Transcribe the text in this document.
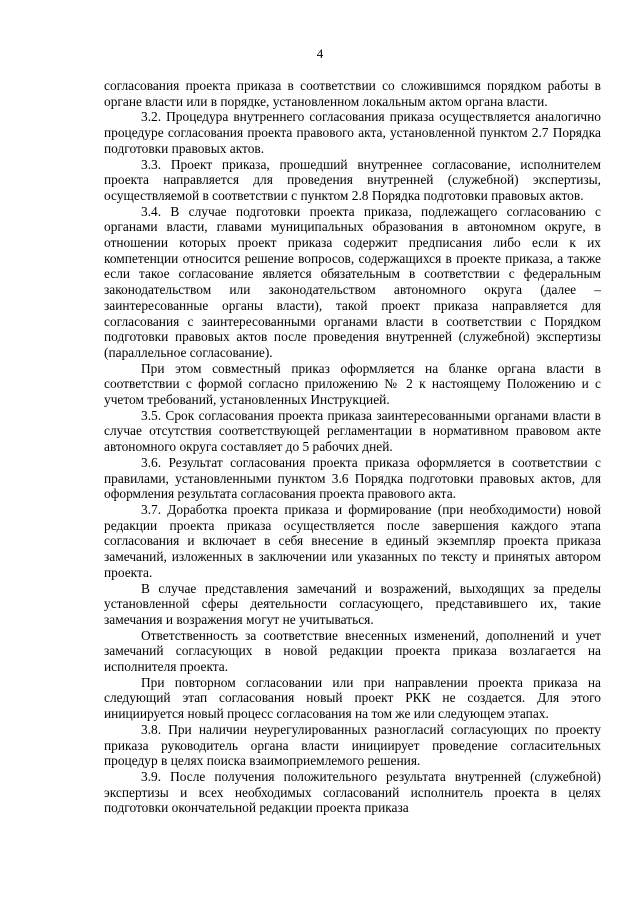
4

согласования проекта приказа в соответствии со сложившимся порядком работы в органе власти или в порядке, установленном локальным актом органа власти.

3.2. Процедура внутреннего согласования приказа осуществляется аналогично процедуре согласования проекта правового акта, установленной пунктом 2.7 Порядка подготовки правовых актов.

3.3. Проект приказа, прошедший внутреннее согласование, исполнителем проекта направляется для проведения внутренней (служебной) экспертизы, осуществляемой в соответствии с пунктом 2.8 Порядка подготовки правовых актов.

3.4. В случае подготовки проекта приказа, подлежащего согласованию с органами власти, главами муниципальных образования в автономном округе, в отношении которых проект приказа содержит предписания либо если к их компетенции относится решение вопросов, содержащихся в проекте приказа, а также если такое согласование является обязательным в соответствии с федеральным законодательством или законодательством автономного округа (далее – заинтересованные органы власти), такой проект приказа направляется для согласования с заинтересованными органами власти в соответствии с Порядком подготовки правовых актов после проведения внутренней (служебной) экспертизы (параллельное согласование).

При этом совместный приказ оформляется на бланке органа власти в соответствии с формой согласно приложению № 2 к настоящему Положению и с учетом требований, установленных Инструкцией.

3.5. Срок согласования проекта приказа заинтересованными органами власти в случае отсутствия соответствующей регламентации в нормативном правовом акте автономного округа составляет до 5 рабочих дней.

3.6. Результат согласования проекта приказа оформляется в соответствии с правилами, установленными пунктом 3.6 Порядка подготовки правовых актов, для оформления результата согласования проекта правового акта.

3.7. Доработка проекта приказа и формирование (при необходимости) новой редакции проекта приказа осуществляется после завершения каждого этапа согласования и включает в себя внесение в единый экземпляр проекта приказа замечаний, изложенных в заключении или указанных по тексту и принятых автором проекта.

В случае представления замечаний и возражений, выходящих за пределы установленной сферы деятельности согласующего, представившего их, такие замечания и возражения могут не учитываться.

Ответственность за соответствие внесенных изменений, дополнений и учет замечаний согласующих в новой редакции проекта приказа возлагается на исполнителя проекта.

При повторном согласовании или при направлении проекта приказа на следующий этап согласования новый проект РКК не создается. Для этого инициируется новый процесс согласования на том же или следующем этапах.

3.8. При наличии неурегулированных разногласий согласующих по проекту приказа руководитель органа власти инициирует проведение согласительных процедур в целях поиска взаимоприемлемого решения.

3.9. После получения положительного результата внутренней (служебной) экспертизы и всех необходимых согласований исполнитель проекта в целях подготовки окончательной редакции проекта приказа
